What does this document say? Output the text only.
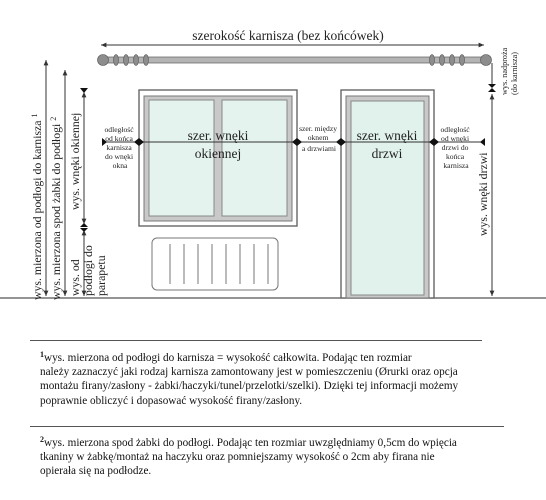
szerokość karnisza (bez końcówek)
szer. wnęki
okiennej
szer. wnęki
drzwi
odległość od końca karnisza do wnęki okna
szer. między oknem a drzwiami
odległość od wnęki drzwi do końca karnisza
wys. mierzona od podłogi do karnisza$^1$
wys. mierzona spod żabki do podłogi$^2$ wys. wnęki okiennej
wys. od podłogi do parapetu
wys. wnęki drzwi
wys. nadproża (do karnisza)

$^1$wys. mierzona od podłogi do karnisza = wysokość całkowita. Podając ten rozmiar
należy zaznaczyć jaki rodzaj karnisza zamontowany jest w pomieszczeniu (Ørurki oraz opcja
montażu firany/zasłony - żabki/haczyki/tunel/przelotki/szelki). Dzięki tej informacji możemy
poprawnie obliczyć i dopasować wysokość firany/zasłony.

$^2$wys. mierzona spod żabki do podłogi. Podając ten rozmiar uwzględniamy 0,5cm do wpięcia
tkaniny w żabkę/montaż na haczyku oraz pomniejszamy wysokość o 2cm aby firana nie
opierała się na podłodze.
